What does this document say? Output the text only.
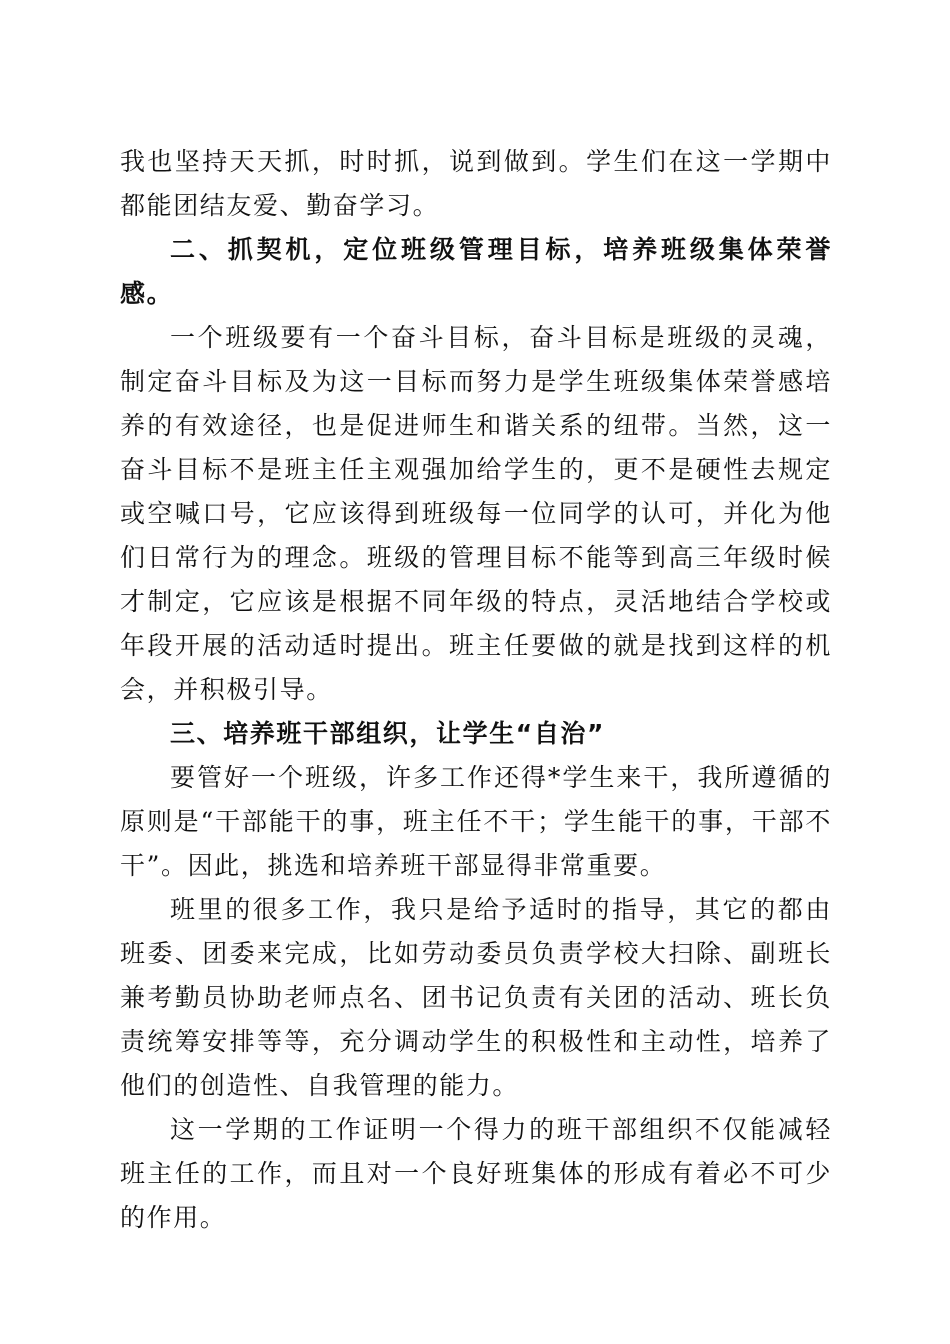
我也坚持天天抓，时时抓，说到做到。学生们在这一学期中都能团结友爱、勤奋学习。

二、抓契机，定位班级管理目标，培养班级集体荣誉感。

一个班级要有一个奋斗目标，奋斗目标是班级的灵魂，制定奋斗目标及为这一目标而努力是学生班级集体荣誉感培养的有效途径，也是促进师生和谐关系的纽带。当然，这一奋斗目标不是班主任主观强加给学生的，更不是硬性去规定或空喊口号，它应该得到班级每一位同学的认可，并化为他们日常行为的理念。班级的管理目标不能等到高三年级时候才制定，它应该是根据不同年级的特点，灵活地结合学校或年段开展的活动适时提出。班主任要做的就是找到这样的机会，并积极引导。

三、培养班干部组织，让学生“自治”

要管好一个班级，许多工作还得*学生来干，我所遵循的原则是“干部能干的事，班主任不干；学生能干的事，干部不干”。因此，挑选和培养班干部显得非常重要。

班里的很多工作，我只是给予适时的指导，其它的都由班委、团委来完成，比如劳动委员负责学校大扫除、副班长兼考勤员协助老师点名、团书记负责有关团的活动、班长负责统筹安排等等，充分调动学生的积极性和主动性，培养了他们的创造性、自我管理的能力。

这一学期的工作证明一个得力的班干部组织不仅能减轻班主任的工作，而且对一个良好班集体的形成有着必不可少的作用。
